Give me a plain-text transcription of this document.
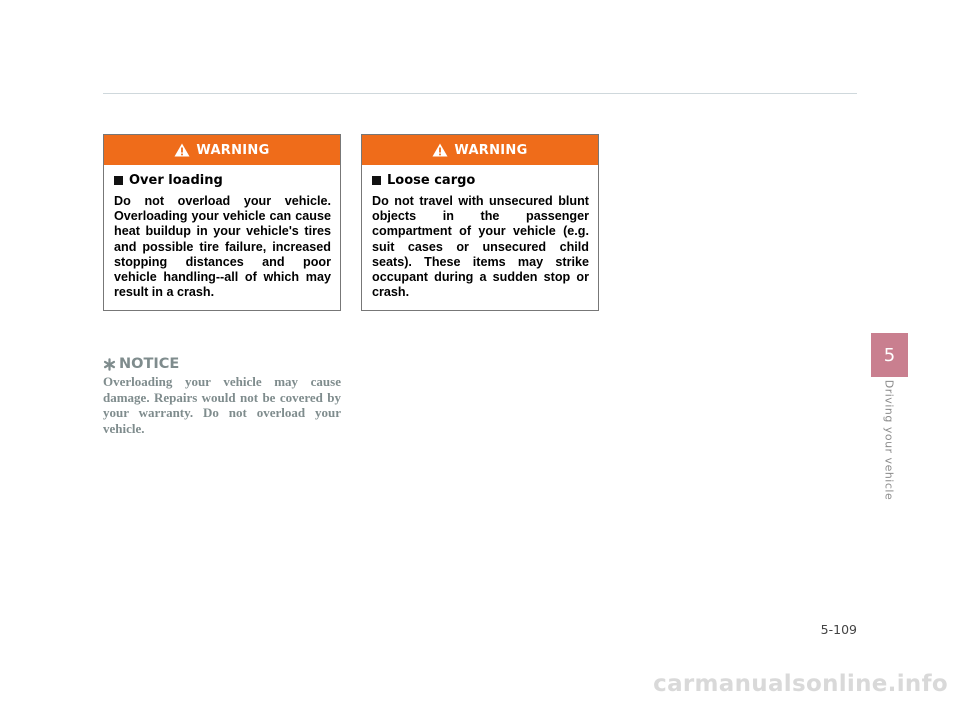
WARNING
Over loading

Do not overload your vehicle. Overloading your vehicle can cause heat buildup in your vehicle's tires and possible tire failure, increased stopping distances and poor vehicle handling--all of which may result in a crash.

WARNING
Loose cargo

Do not travel with unsecured blunt objects in the passenger compartment of your vehicle (e.g. suit cases or unsecured child seats). These items may strike occupant during a sudden stop or crash.

NOTICE

Overloading your vehicle may cause damage. Repairs would not be covered by your warranty. Do not overload your vehicle.

5
Driving your vehicle
5-109
carmanualsonline.info
